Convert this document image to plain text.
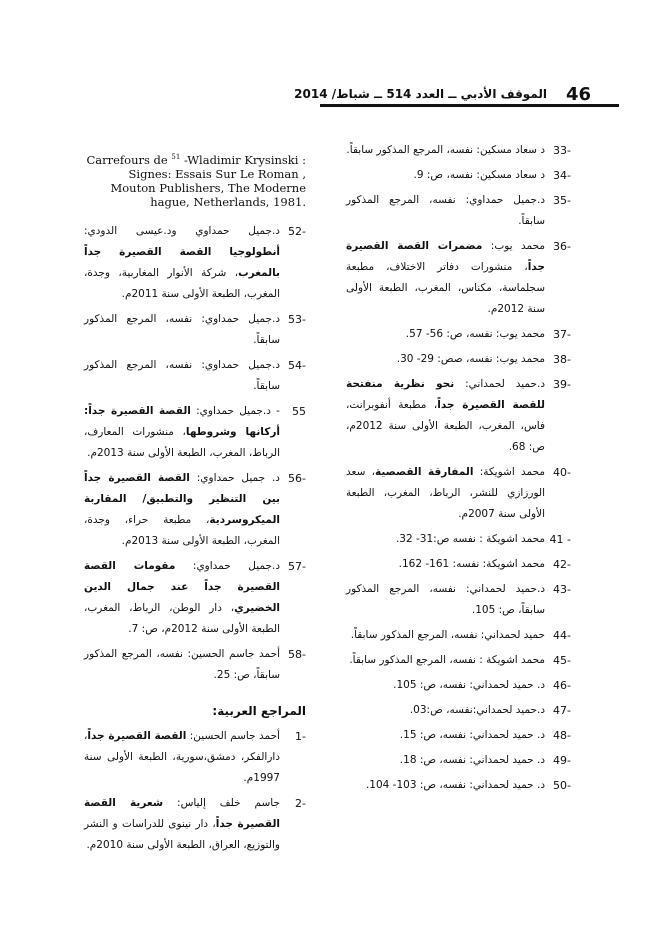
46
الموقف الأدبي ــ العدد 514 ــ شباط/ 2014
33-
د سعاد مسكين: نفسه، المرجع المذكور سابقاً.
34-
د سعاد مسكين: نفسه، ص: 9.
35-
د.جميل حمداوي: نفسه، المرجع المذكور سابقاً.
36-
محمد يوب: مضمرات القصة القصيرة جداً، منشورات دفاتر الاختلاف، مطبعة سجلماسة، مكناس، المغرب، الطبعة الأولى سنة 2012م.
37-
محمد يوب: نفسه، ص: 56- 57.
38-
محمد يوب: نفسه، صص: 29- 30.
39-
د.حميد لحمداني: نحو نظرية منفتحة للقصة القصيرة جداً، مطبعة أنفوبرانت، فاس، المغرب، الطبعة الأولى سنة 2012م، ص: 68.
40-
محمد اشويكة: المفارقة القصصية، سعد الورزازي للنشر، الرباط، المغرب، الطبعة الأولى سنة 2007م.
41 -
محمد اشويكة : نفسه ص:31- 32.
42-
محمد اشويكة: نفسه: 161- 162.
43-
د.حميد لحمداني: نفسه، المرجع المذكور سابقاً، ص: 105.
44-
حميد لحمداني: نفسه، المرجع المذكور سابقاً.
45-
محمد اشويكة : نفسه، المرجع المذكور سابقاً.
46-
د. حميد لحمداني: نفسه، ص: 105.
47-
د.حميد لحمداني:نفسه، ص:03.
48-
د. حميد لحمداني: نفسه، ص: 15.
49-
د. حميد لحمداني: نفسه، ص: 18.
50-
د. حميد لحمداني: نفسه، ص: 103- 104.
Carrefours de $^{51}$ -Wladimir Krysinski : Signes: Essais Sur Le Roman , Mouton Publishers, The Moderne hague, Netherlands, 1981.
52-
د.جميل حمداوي ود.عيسى الدودي: أنطولوجيا القصة القصيرة جداً بالمغرب، شركة الأنوار المغاربية، وجدة، المغرب، الطبعة الأولى سنة 2011م.
53-
د.جميل حمداوي: نفسه، المرجع المذكور سابقاً.
54-
د.جميل حمداوي: نفسه، المرجع المذكور سابقاً.
55
- د.جميل حمداوي: القصة القصيرة جداً: أركانها وشروطها، منشورات المعارف، الرباط، المغرب، الطبعة الأولى سنة 2013م.
56-
د. جميل حمداوي: القصة القصيرة جداً بين التنظير والتطبيق/ المقاربة الميكروسردية، مطبعة حراء، وجدة، المغرب، الطبعة الأولى سنة 2013م.
57-
د.جميل حمداوي: مقومات القصة القصيرة جداً عند جمال الدين الخضيري، دار الوطن، الرباط، المغرب، الطبعة الأولى سنة 2012م، ص: 7.
58-
أحمد جاسم الحسين: نفسه، المرجع المذكور سابقاً، ص: 25.
المراجع العربية:
1-
أحمد جاسم الحسين: القصة القصيرة جداً، دارالفكر، دمشق،سورية، الطبعة الأولى سنة 1997م.
2-
جاسم خلف إلياس: شعرية القصة القصيرة جداً، دار نينوى للدراسات و النشر والتوزيع، العراق، الطبعة الأولى سنة 2010م.
